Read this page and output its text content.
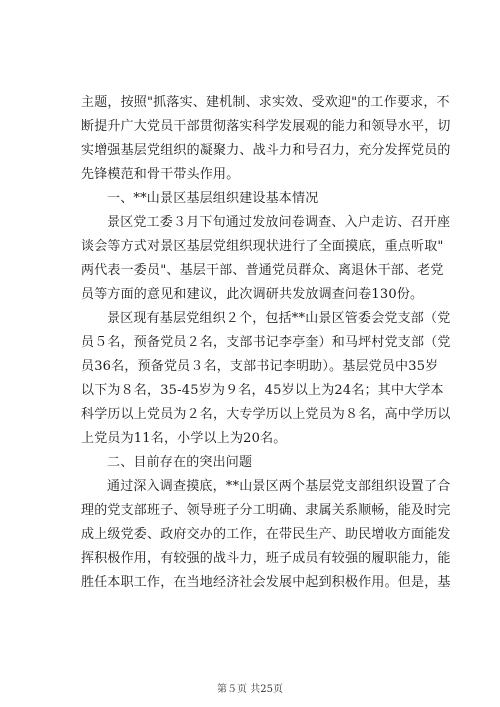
主题，按照"抓落实、建机制、求实效、受欢迎"的工作要求，不
断提升广大党员干部贯彻落实科学发展观的能力和领导水平，切
实增强基层党组织的凝聚力、战斗力和号召力，充分发挥党员的
先锋模范和骨干带头作用。
一、**山景区基层组织建设基本情况
景区党工委３月下旬通过发放问卷调查、入户走访、召开座
谈会等方式对景区基层党组织现状进行了全面摸底，重点听取"
两代表一委员"、基层干部、普通党员群众、离退休干部、老党
员等方面的意见和建议，此次调研共发放调查问卷130份。
景区现有基层党组织２个，包括**山景区管委会党支部（党
员５名，预备党员２名，支部书记李亭奎）和马坪村党支部（党
员36名，预备党员３名，支部书记李明助）。基层党员中35岁
以下为８名，35-45岁为９名，45岁以上为24名；其中大学本
科学历以上党员为２名，大专学历以上党员为８名，高中学历以
上党员为11名，小学以上为20名。
二、目前存在的突出问题
通过深入调查摸底，**山景区两个基层党支部组织设置了合
理的党支部班子、领导班子分工明确、隶属关系顺畅，能及时完
成上级党委、政府交办的工作，在带民生产、助民增收方面能发
挥积极作用，有较强的战斗力，班子成员有较强的履职能力，能
胜任本职工作，在当地经济社会发展中起到积极作用。但是，基
第５页 共25页
